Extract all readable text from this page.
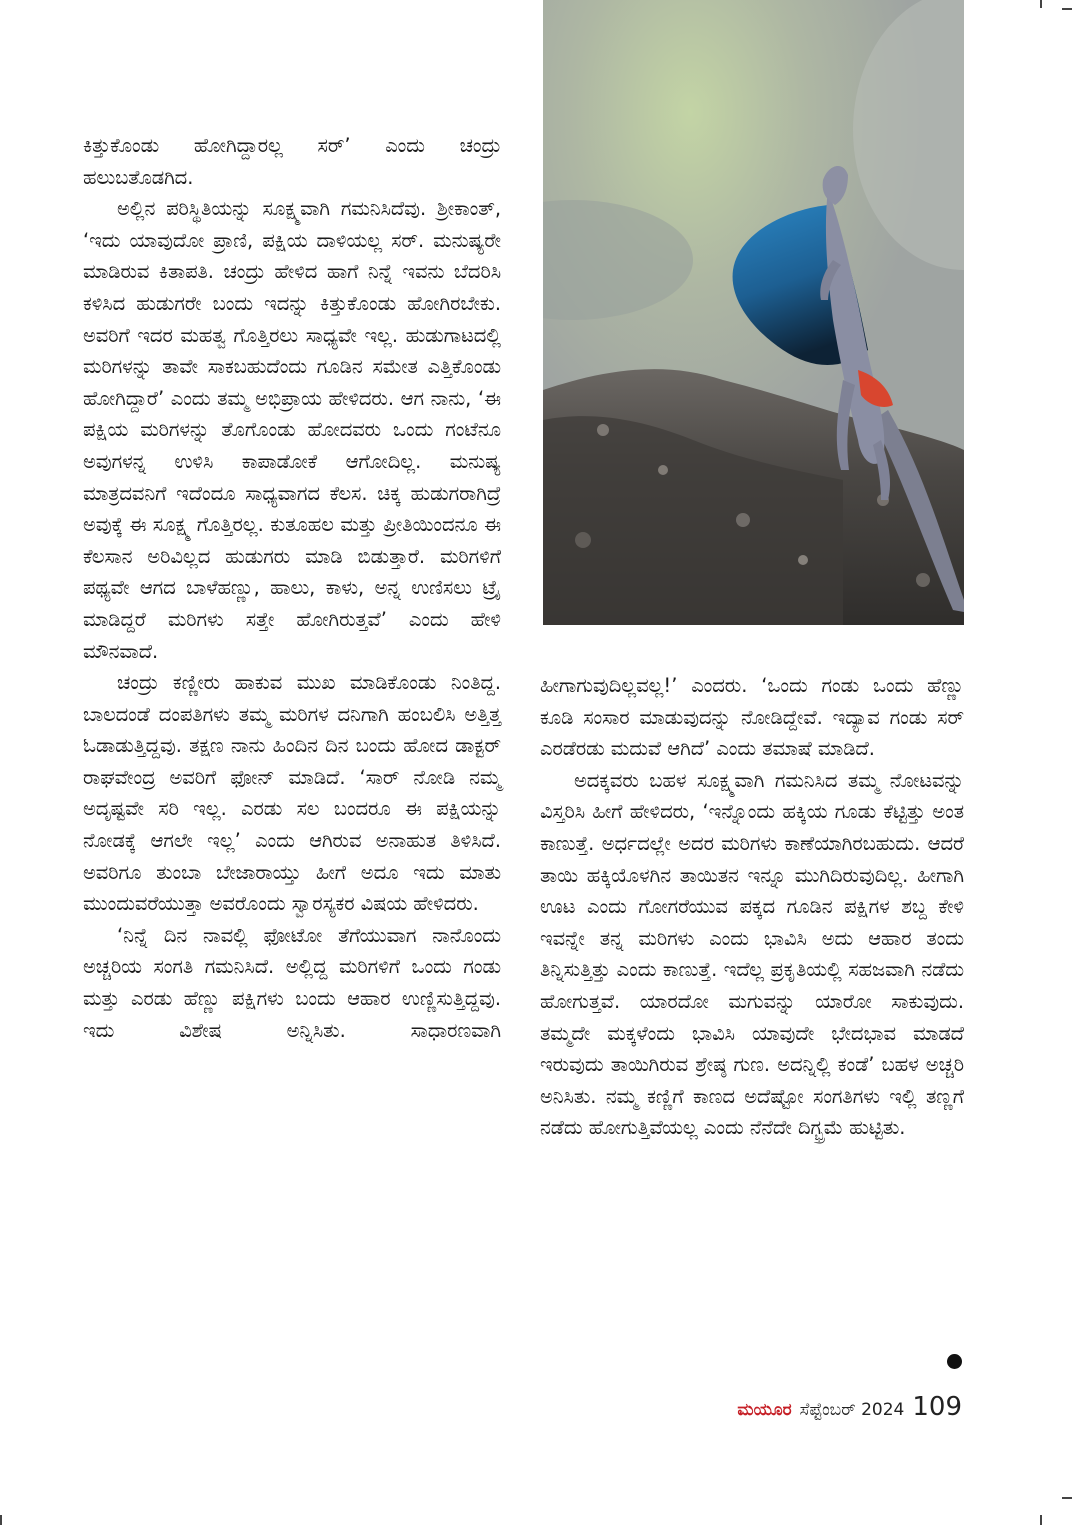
ಕಿತ್ತುಕೊಂಡು ಹೋಗಿದ್ದಾರಲ್ಲ ಸರ್’ ಎಂದು ಚಂದ್ರು ಹಲುಬತೊಡಗಿದ.

ಅಲ್ಲಿನ ಪರಿಸ್ಥಿತಿಯನ್ನು ಸೂಕ್ಷ್ಮವಾಗಿ ಗಮನಿಸಿದೆವು. ಶ್ರೀಕಾಂತ್, ‘ಇದು ಯಾವುದೋ ಪ್ರಾಣಿ, ಪಕ್ಷಿಯ ದಾಳಿಯಲ್ಲ ಸರ್. ಮನುಷ್ಯರೇ ಮಾಡಿರುವ ಕಿತಾಪತಿ. ಚಂದ್ರು ಹೇಳಿದ ಹಾಗೆ ನಿನ್ನೆ ಇವನು ಬೆದರಿಸಿ ಕಳಿಸಿದ ಹುಡುಗರೇ ಬಂದು ಇದನ್ನು ಕಿತ್ತುಕೊಂಡು ಹೋಗಿರಬೇಕು. ಅವರಿಗೆ ಇದರ ಮಹತ್ವ ಗೊತ್ತಿರಲು ಸಾಧ್ಯವೇ ಇಲ್ಲ. ಹುಡುಗಾಟದಲ್ಲಿ ಮರಿಗಳನ್ನು ತಾವೇ ಸಾಕಬಹುದೆಂದು ಗೂಡಿನ ಸಮೇತ ಎತ್ತಿಕೊಂಡು ಹೋಗಿದ್ದಾರೆ’ ಎಂದು ತಮ್ಮ ಅಭಿಪ್ರಾಯ ಹೇಳಿದರು. ಆಗ ನಾನು, ‘ಈ ಪಕ್ಷಿಯ ಮರಿಗಳನ್ನು ತೊಗೊಂಡು ಹೋದವರು ಒಂದು ಗಂಟೆನೂ ಅವುಗಳನ್ನ ಉಳಿಸಿ ಕಾಪಾಡೋಕೆ ಆಗೋದಿಲ್ಲ. ಮನುಷ್ಯ ಮಾತ್ರದವನಿಗೆ ಇದೆಂದೂ ಸಾಧ್ಯವಾಗದ ಕೆಲಸ. ಚಿಕ್ಕ ಹುಡುಗರಾಗಿದ್ರೆ ಅವುಕ್ಕೆ ಈ ಸೂಕ್ಷ್ಮ ಗೊತ್ತಿರಲ್ಲ. ಕುತೂಹಲ ಮತ್ತು ಪ್ರೀತಿಯಿಂದನೂ ಈ ಕೆಲಸಾನ ಅರಿವಿಲ್ಲದ ಹುಡುಗರು ಮಾಡಿ ಬಿಡುತ್ತಾರೆ. ಮರಿಗಳಿಗೆ ಪಥ್ಯವೇ ಆಗದ ಬಾಳೆಹಣ್ಣು, ಹಾಲು, ಕಾಳು, ಅನ್ನ ಉಣಿಸಲು ಟ್ರೈ ಮಾಡಿದ್ದರೆ ಮರಿಗಳು ಸತ್ತೇ ಹೋಗಿರುತ್ತವೆ’ ಎಂದು ಹೇಳಿ ಮೌನವಾದೆ.

ಚಂದ್ರು ಕಣ್ಣೀರು ಹಾಕುವ ಮುಖ ಮಾಡಿಕೊಂಡು ನಿಂತಿದ್ದ. ಬಾಲದಂಡೆ ದಂಪತಿಗಳು ತಮ್ಮ ಮರಿಗಳ ದನಿಗಾಗಿ ಹಂಬಲಿಸಿ ಅತ್ತಿತ್ತ ಓಡಾಡುತ್ತಿದ್ದವು. ತಕ್ಷಣ ನಾನು ಹಿಂದಿನ ದಿನ ಬಂದು ಹೋದ ಡಾಕ್ಟರ್ ರಾಘವೇಂದ್ರ ಅವರಿಗೆ ಫೋನ್ ಮಾಡಿದೆ. ‘ಸಾರ್ ನೋಡಿ ನಮ್ಮ ಅದೃಷ್ಟವೇ ಸರಿ ಇಲ್ಲ. ಎರಡು ಸಲ ಬಂದರೂ ಈ ಪಕ್ಷಿಯನ್ನು ನೋಡಕ್ಕೆ ಆಗಲೇ ಇಲ್ಲ’ ಎಂದು ಆಗಿರುವ ಅನಾಹುತ ತಿಳಿಸಿದೆ. ಅವರಿಗೂ ತುಂಬಾ ಬೇಜಾರಾಯ್ತು ಹೀಗೆ ಅದೂ ಇದು ಮಾತು ಮುಂದುವರೆಯುತ್ತಾ ಅವರೊಂದು ಸ್ವಾರಸ್ಯಕರ ವಿಷಯ ಹೇಳಿದರು.

‘ನಿನ್ನೆ ದಿನ ನಾವಲ್ಲಿ ಫೋಟೋ ತೆಗೆಯುವಾಗ ನಾನೊಂದು ಅಚ್ಚರಿಯ ಸಂಗತಿ ಗಮನಿಸಿದೆ. ಅಲ್ಲಿದ್ದ ಮರಿಗಳಿಗೆ ಒಂದು ಗಂಡು ಮತ್ತು ಎರಡು ಹೆಣ್ಣು ಪಕ್ಷಿಗಳು ಬಂದು ಆಹಾರ ಉಣ್ಣಿಸುತ್ತಿದ್ದವು. ಇದು ವಿಶೇಷ ಅನ್ನಿಸಿತು. ಸಾಧಾರಣವಾಗಿ

ಹೀಗಾಗುವುದಿಲ್ಲವಲ್ಲ!’ ಎಂದರು. ‘ಒಂದು ಗಂಡು ಒಂದು ಹೆಣ್ಣು ಕೂಡಿ ಸಂಸಾರ ಮಾಡುವುದನ್ನು ನೋಡಿದ್ದೇವೆ. ಇದ್ಯಾವ ಗಂಡು ಸರ್ ಎರಡೆರಡು ಮದುವೆ ಆಗಿದೆ’ ಎಂದು ತಮಾಷೆ ಮಾಡಿದೆ.

ಅದಕ್ಕವರು ಬಹಳ ಸೂಕ್ಷ್ಮವಾಗಿ ಗಮನಿಸಿದ ತಮ್ಮ ನೋಟವನ್ನು ವಿಸ್ತರಿಸಿ ಹೀಗೆ ಹೇಳಿದರು, ‘ಇನ್ನೊಂದು ಹಕ್ಕಿಯ ಗೂಡು ಕೆಟ್ಟಿತ್ತು ಅಂತ ಕಾಣುತ್ತೆ. ಅರ್ಧದಲ್ಲೇ ಅದರ ಮರಿಗಳು ಕಾಣೆಯಾಗಿರಬಹುದು. ಆದರೆ ತಾಯಿ ಹಕ್ಕಿಯೊಳಗಿನ ತಾಯಿತನ ಇನ್ನೂ ಮುಗಿದಿರುವುದಿಲ್ಲ. ಹೀಗಾಗಿ ಊಟ ಎಂದು ಗೋಗರೆಯುವ ಪಕ್ಕದ ಗೂಡಿನ ಪಕ್ಷಿಗಳ ಶಬ್ದ ಕೇಳಿ ಇವನ್ನೇ ತನ್ನ ಮರಿಗಳು ಎಂದು ಭಾವಿಸಿ ಅದು ಆಹಾರ ತಂದು ತಿನ್ನಿಸುತ್ತಿತ್ತು ಎಂದು ಕಾಣುತ್ತೆ. ಇದೆಲ್ಲ ಪ್ರಕೃತಿಯಲ್ಲಿ ಸಹಜವಾಗಿ ನಡೆದು ಹೋಗುತ್ತವೆ. ಯಾರದೋ ಮಗುವನ್ನು ಯಾರೋ ಸಾಕುವುದು. ತಮ್ಮದೇ ಮಕ್ಕಳೆಂದು ಭಾವಿಸಿ ಯಾವುದೇ ಭೇದಭಾವ ಮಾಡದೆ ಇರುವುದು ತಾಯಿಗಿರುವ ಶ್ರೇಷ್ಠ ಗುಣ. ಅದನ್ನಿಲ್ಲಿ ಕಂಡೆ’ ಬಹಳ ಅಚ್ಚರಿ ಅನಿಸಿತು. ನಮ್ಮ ಕಣ್ಣಿಗೆ ಕಾಣದ ಅದೆಷ್ಟೋ ಸಂಗತಿಗಳು ಇಲ್ಲಿ ತಣ್ಣಗೆ ನಡೆದು ಹೋಗುತ್ತಿವೆಯಲ್ಲ ಎಂದು ನೆನೆದೇ ದಿಗ್ಭ್ರಮೆ ಹುಟ್ಟಿತು.

ಮಯೂರ ಸೆಪ್ಟೆಂಬರ್ 2024 109
